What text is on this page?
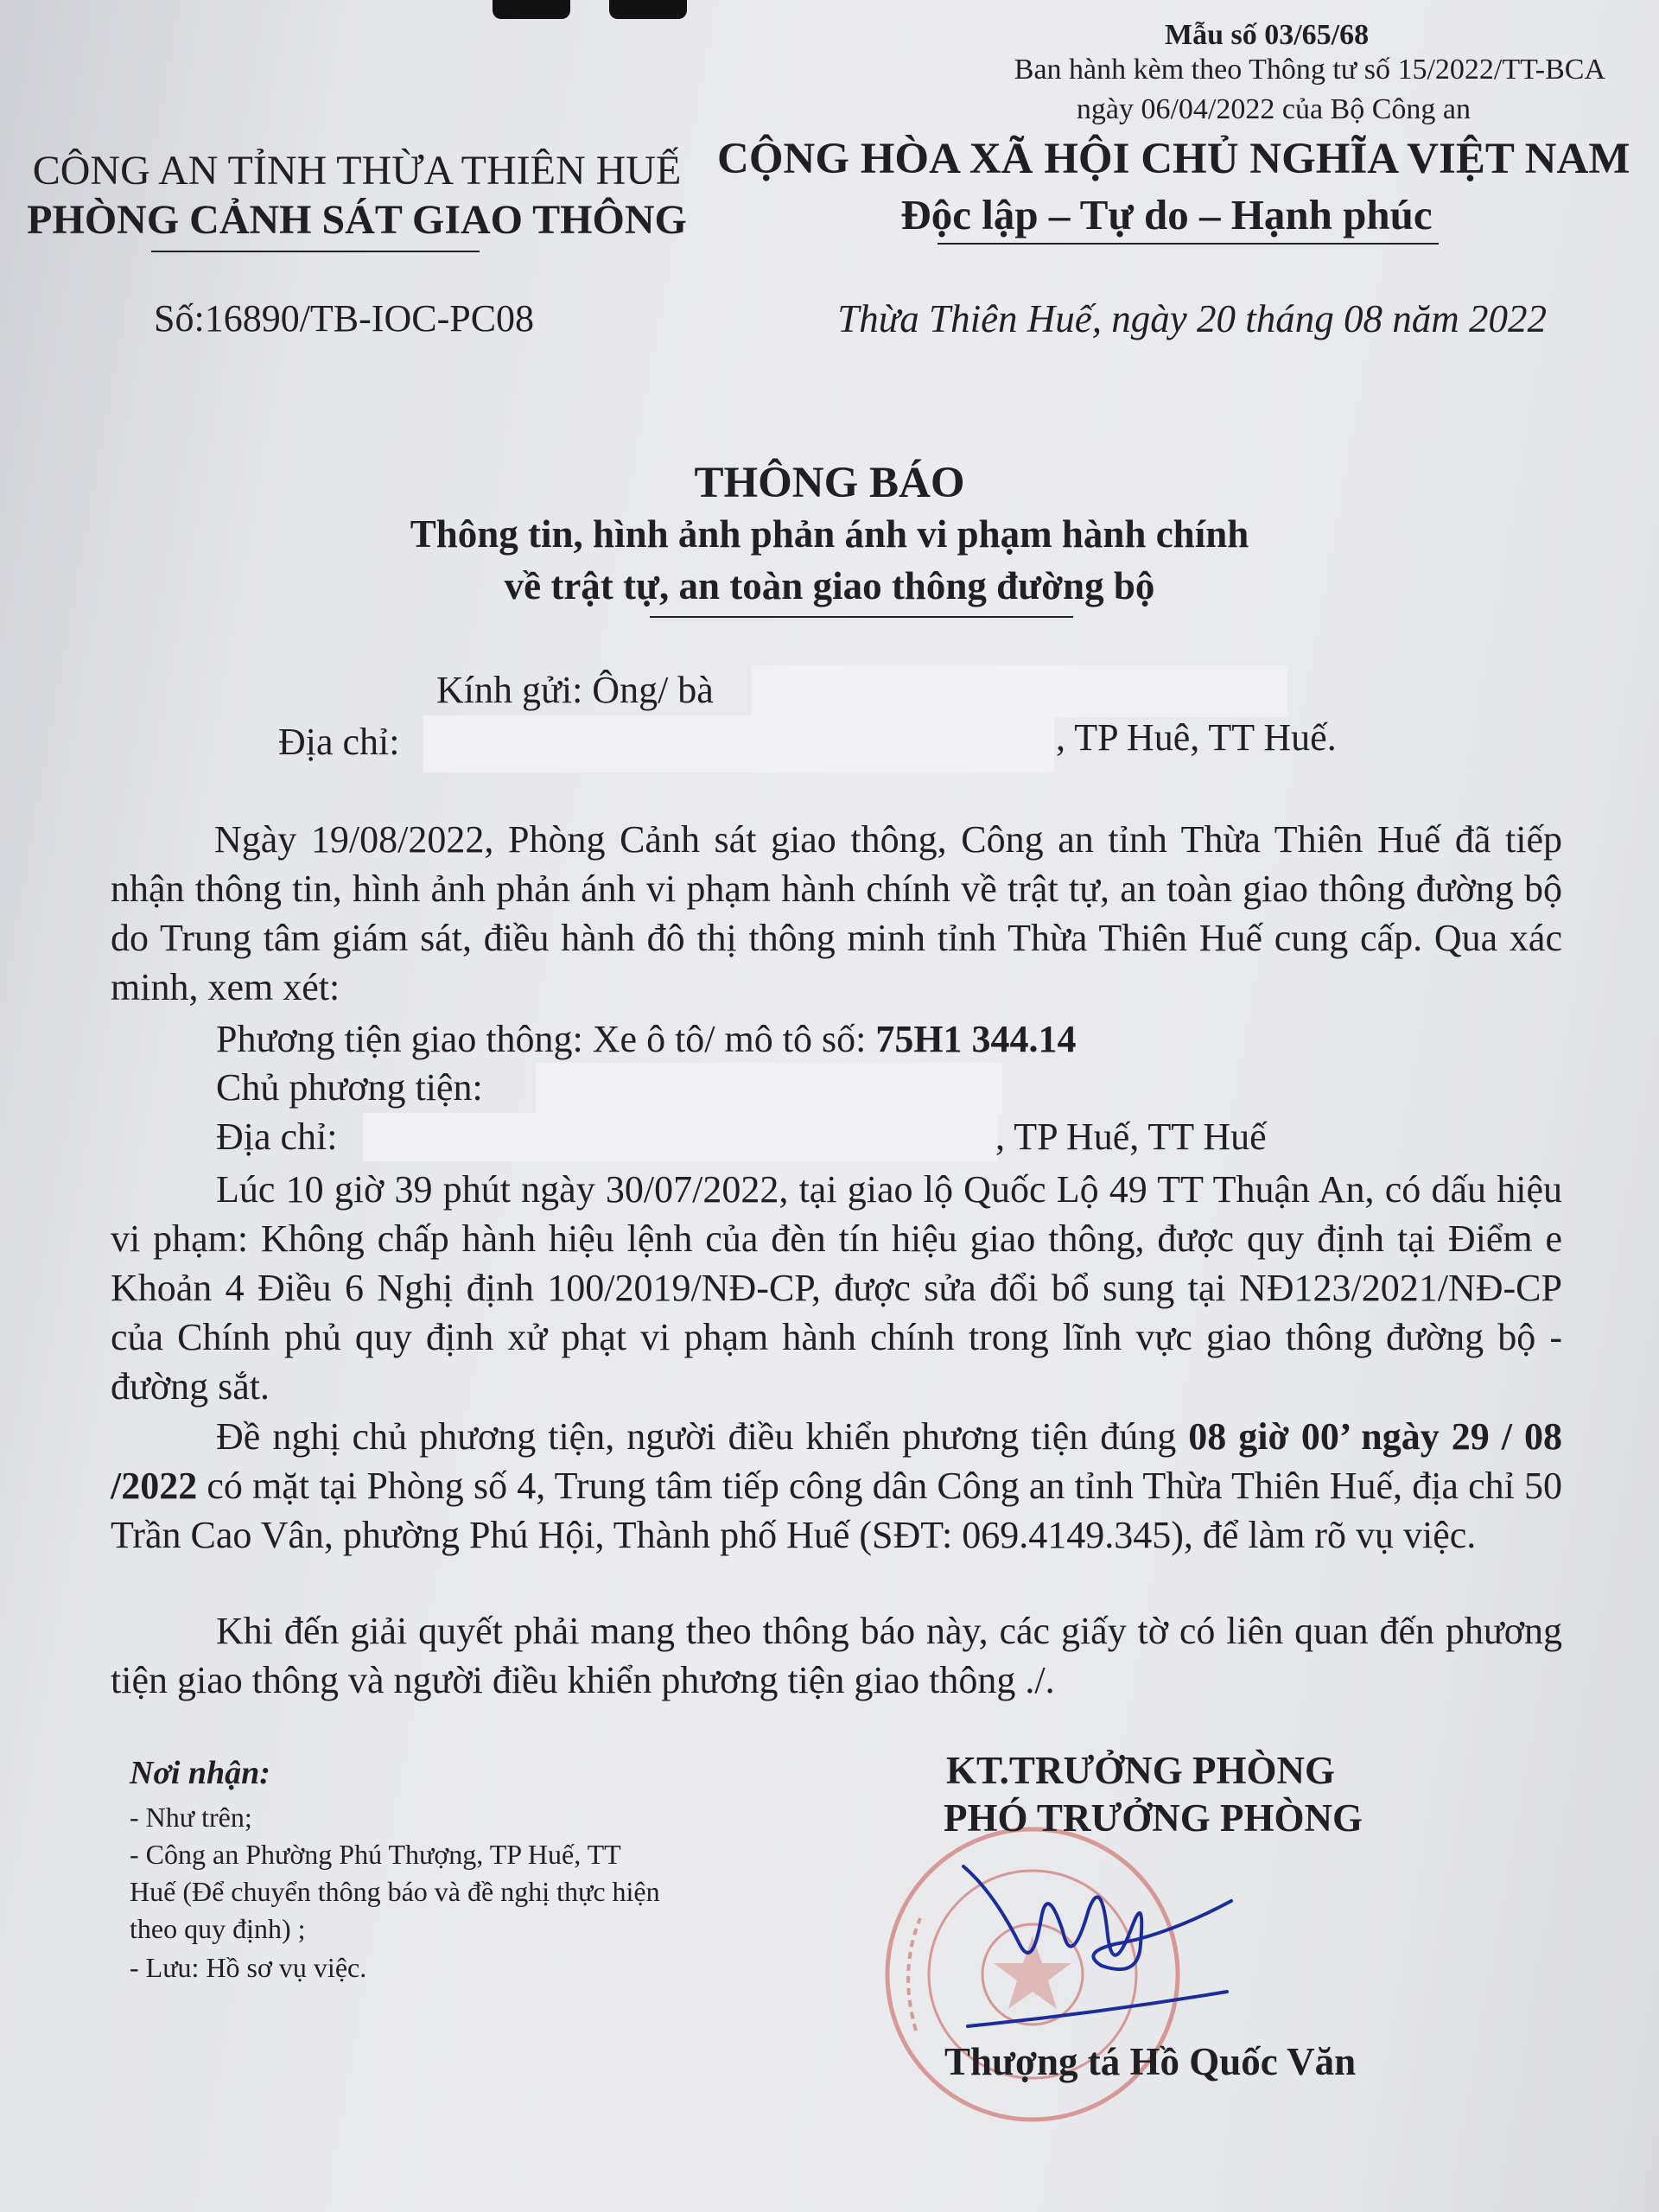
Mẫu số 03/65/68
Ban hành kèm theo Thông tư số 15/2022/TT-BCA
ngày 06/04/2022 của Bộ Công an
CÔNG AN TỈNH THỪA THIÊN HUẾ
PHÒNG CẢNH SÁT GIAO THÔNG
CỘNG HÒA XÃ HỘI CHỦ NGHĨA VIỆT NAM
Độc lập – Tự do – Hạnh phúc
Số:16890/TB-IOC-PC08	Thừa Thiên Huế, ngày 20 tháng 08 năm 2022
THÔNG BÁO
Thông tin, hình ảnh phản ánh vi phạm hành chính
về trật tự, an toàn giao thông đường bộ
Kính gửi: Ông/ bà
Địa chỉ:	, TP Huê, TT Huế.
Ngày 19/08/2022, Phòng Cảnh sát giao thông, Công an tỉnh Thừa Thiên Huế đã tiếp nhận thông tin, hình ảnh phản ánh vi phạm hành chính về trật tự, an toàn giao thông đường bộ do Trung tâm giám sát, điều hành đô thị thông minh tỉnh Thừa Thiên Huế cung cấp. Qua xác minh, xem xét:
Phương tiện giao thông: Xe ô tô/ mô tô số: 75H1 344.14
Chủ phương tiện:
Địa chỉ:	, TP Huế, TT Huế
Lúc 10 giờ 39 phút ngày 30/07/2022, tại giao lộ Quốc Lộ 49 TT Thuận An, có dấu hiệu vi phạm: Không chấp hành hiệu lệnh của đèn tín hiệu giao thông, được quy định tại Điểm e Khoản 4 Điều 6 Nghị định 100/2019/NĐ-CP, được sửa đổi bổ sung tại NĐ123/2021/NĐ-CP của Chính phủ quy định xử phạt vi phạm hành chính trong lĩnh vực giao thông đường bộ - đường sắt.
Đề nghị chủ phương tiện, người điều khiển phương tiện đúng 08 giờ 00’ ngày 29 / 08 /2022 có mặt tại Phòng số 4, Trung tâm tiếp công dân Công an tỉnh Thừa Thiên Huế, địa chỉ 50 Trần Cao Vân, phường Phú Hội, Thành phố Huế (SĐT: 069.4149.345), để làm rõ vụ việc.
Khi đến giải quyết phải mang theo thông báo này, các giấy tờ có liên quan đến phương tiện giao thông và người điều khiển phương tiện giao thông ./.
Nơi nhận:
- Như trên;
- Công an Phường Phú Thượng, TP Huế, TT
Huế (Để chuyển thông báo và đề nghị thực hiện
theo quy định) ;
- Lưu: Hồ sơ vụ việc.
KT.TRƯỞNG PHÒNG
PHÓ TRƯỞNG PHÒNG
Thượng tá Hồ Quốc Văn
